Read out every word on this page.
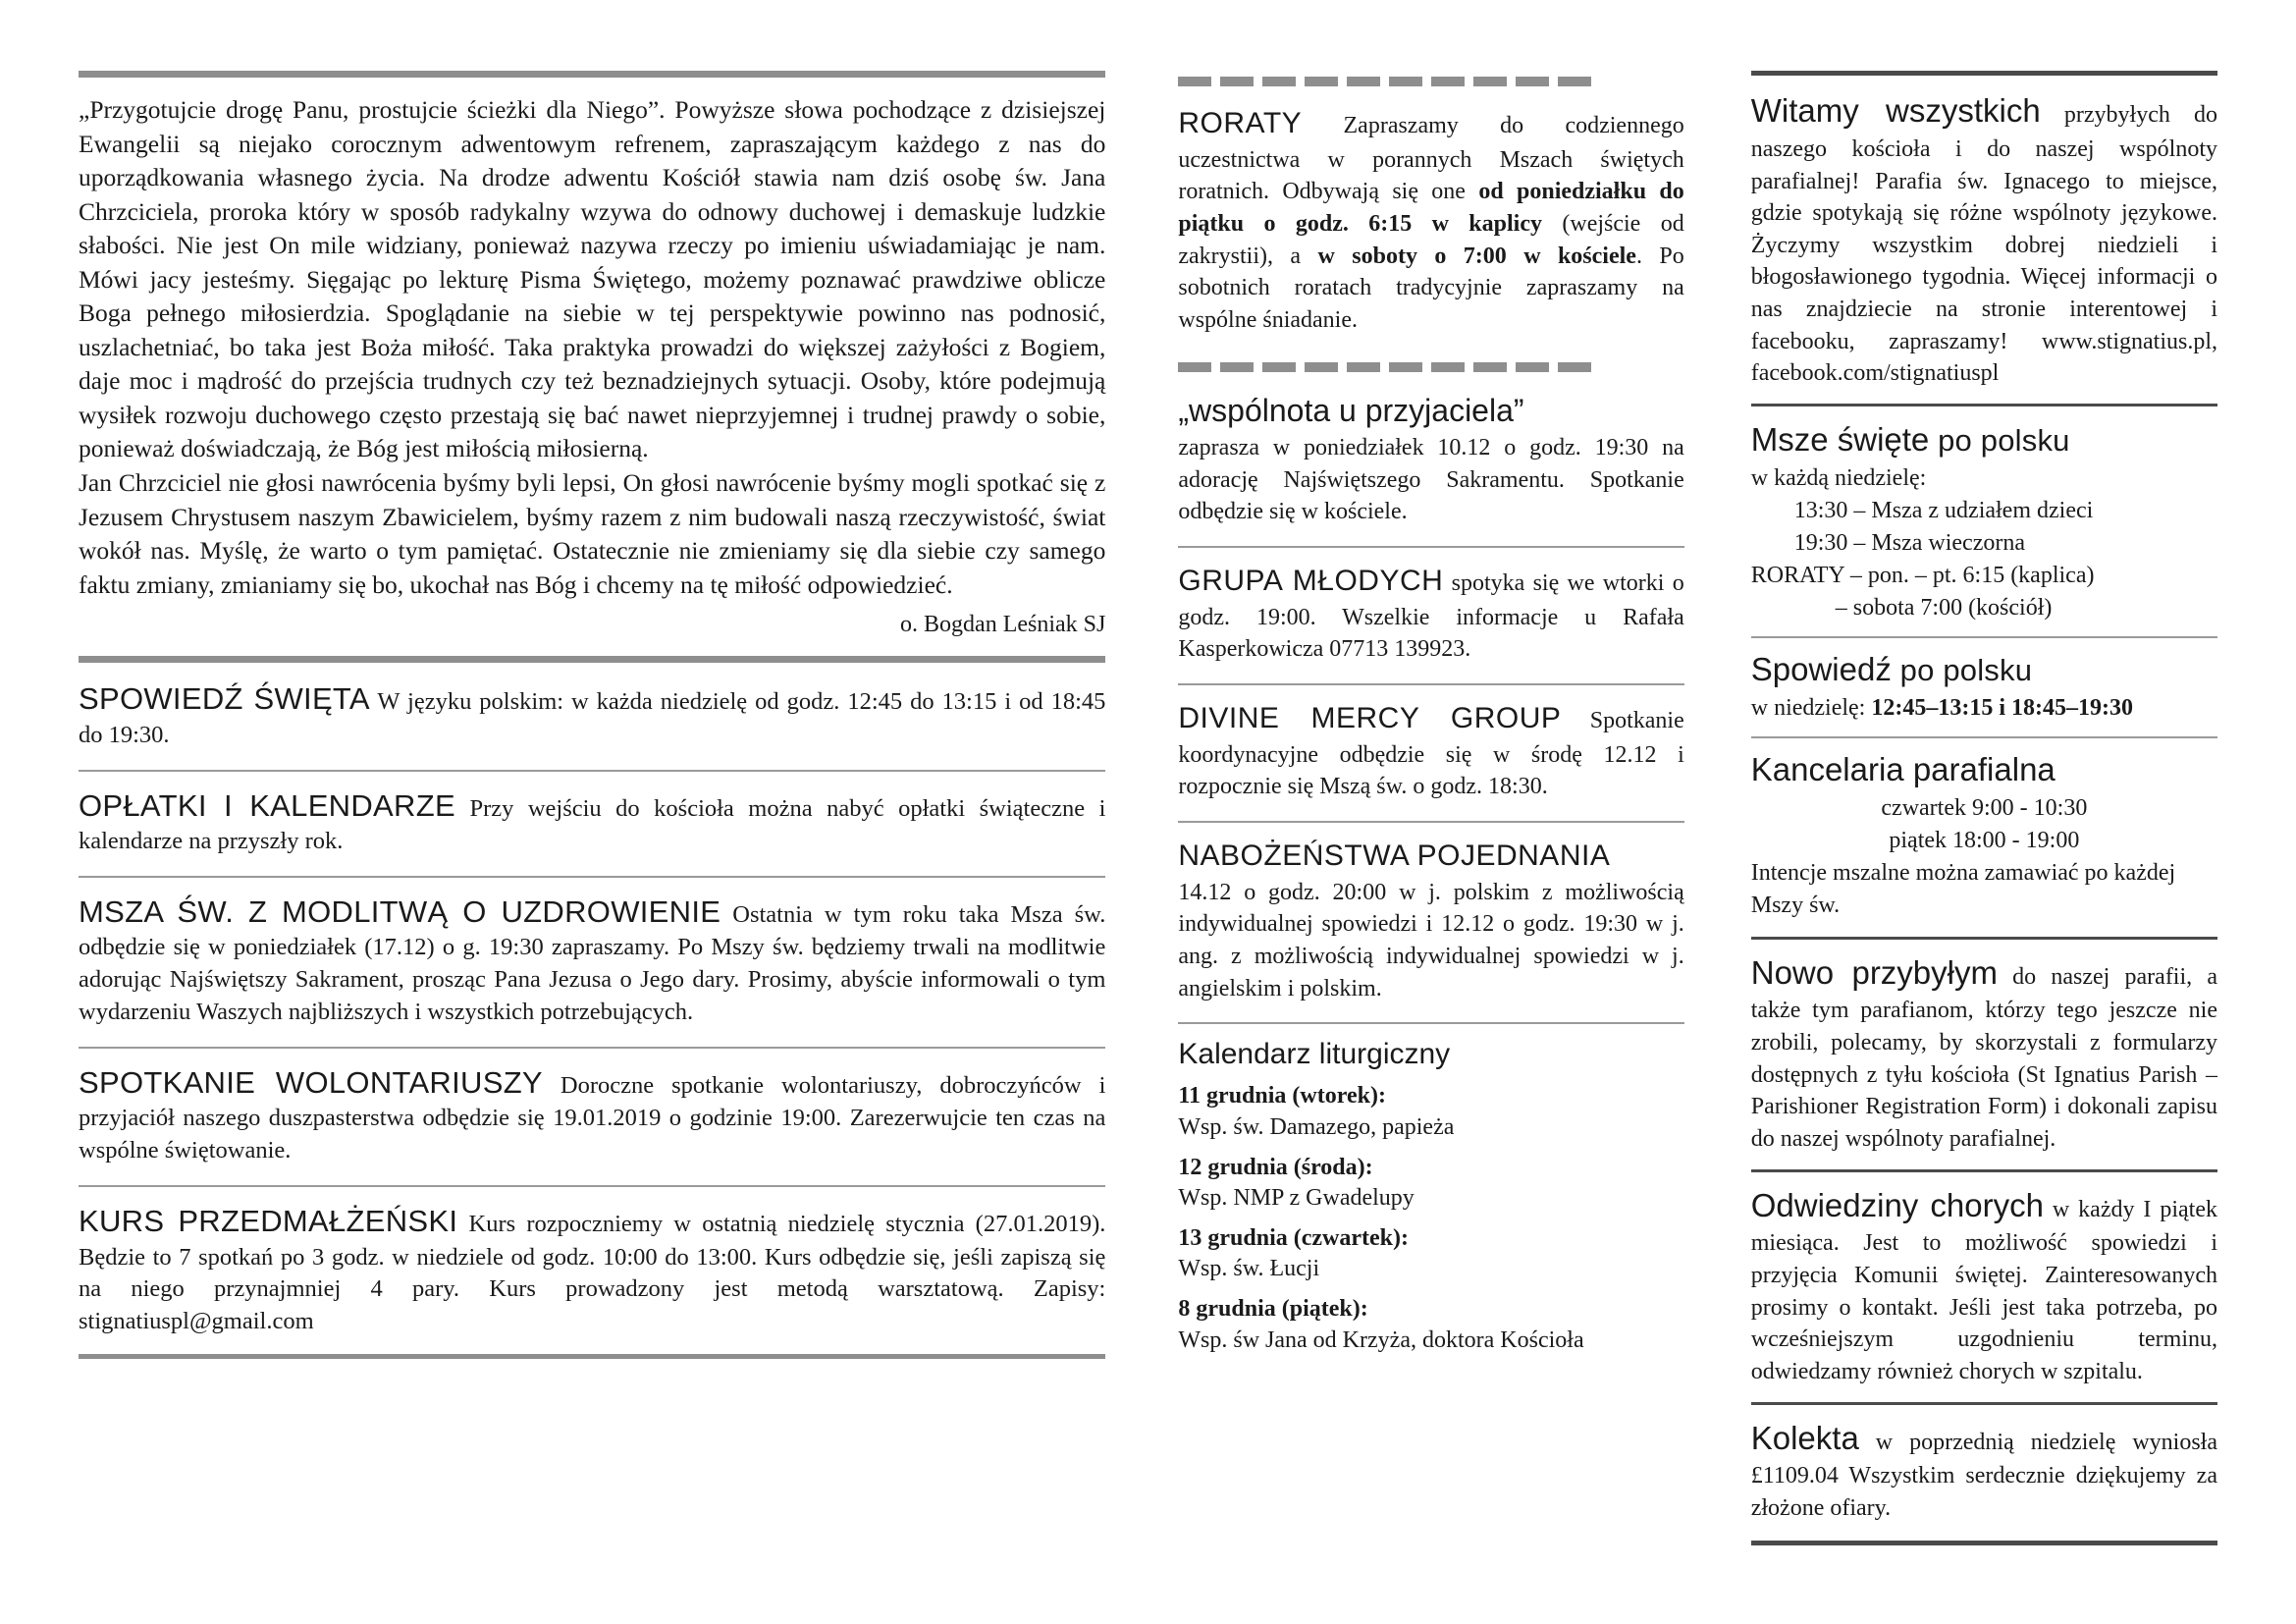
„Przygotujcie drogę Panu, prostujcie ścieżki dla Niego”. Powyższe słowa pochodzące z dzisiejszej Ewangelii są niejako corocznym adwentowym refrenem, zapraszającym każdego z nas do uporządkowania własnego życia. Na drodze adwentu Kościół stawia nam dziś osobę św. Jana Chrzciciela, proroka który w sposób radykalny wzywa do odnowy duchowej i demaskuje ludzkie słabości. Nie jest On mile widziany, ponieważ nazywa rzeczy po imieniu uświadamiając je nam. Mówi jacy jesteśmy. Sięgając po lekturę Pisma Świętego, możemy poznawać prawdziwe oblicze Boga pełnego miłosierdzia. Spoglądanie na siebie w tej perspektywie powinno nas podnosić, uszlachetniać, bo taka jest Boża miłość. Taka praktyka prowadzi do większej zażyłości z Bogiem, daje moc i mądrość do przejścia trudnych czy też beznadziejnych sytuacji. Osoby, które podejmują wysiłek rozwoju duchowego często przestają się bać nawet nieprzyjemnej i trudnej prawdy o sobie, ponieważ doświadczają, że Bóg jest miłością miłosierną.

Jan Chrzciciel nie głosi nawrócenia byśmy byli lepsi, On głosi nawrócenie byśmy mogli spotkać się z Jezusem Chrystusem naszym Zbawicielem, byśmy razem z nim budowali naszą rzeczywistość, świat wokół nas. Myślę, że warto o tym pamiętać. Ostatecznie nie zmieniamy się dla siebie czy samego faktu zmiany, zmianiamy się bo, ukochał nas Bóg i chcemy na tę miłość odpowiedzieć.

o. Bogdan Leśniak SJ

SPOWIEDŹ ŚWIĘTA W języku polskim: w każda niedzielę od godz. 12:45 do 13:15 i od 18:45 do 19:30.

OPŁATKI I KALENDARZE Przy wejściu do kościoła można nabyć opłatki świąteczne i kalendarze na przyszły rok.

MSZA ŚW. Z MODLITWĄ O UZDROWIENIE Ostatnia w tym roku taka Msza św. odbędzie się w poniedziałek (17.12) o g. 19:30 zapraszamy. Po Mszy św. będziemy trwali na modlitwie adorując Najświętszy Sakrament, prosząc Pana Jezusa o Jego dary. Prosimy, abyście informowali o tym wydarzeniu Waszych najbliższych i wszystkich potrzebujących.

SPOTKANIE WOLONTARIUSZY Doroczne spotkanie wolontariuszy, dobroczyńców i przyjaciół naszego duszpasterstwa odbędzie się 19.01.2019 o godzinie 19:00. Zarezerwujcie ten czas na wspólne świętowanie.

KURS PRZEDMAŁŻEŃSKI Kurs rozpoczniemy w ostatnią niedzielę stycznia (27.01.2019). Będzie to 7 spotkań po 3 godz. w niedziele od godz. 10:00 do 13:00. Kurs odbędzie się, jeśli zapiszą się na niego przynajmniej 4 pary. Kurs prowadzony jest metodą warsztatową. Zapisy: stignatiuspl@gmail.com

RORATY Zapraszamy do codziennego uczestnictwa w porannych Mszach świętych roratnich. Odbywają się one od poniedziałku do piątku o godz. 6:15 w kaplicy (wejście od zakrystii), a w soboty o 7:00 w kościele. Po sobotnich roratach tradycyjnie zapraszamy na wspólne śniadanie.

„wspólnota u przyjaciela”

zaprasza w poniedziałek 10.12 o godz. 19:30 na adorację Najświętszego Sakramentu. Spotkanie odbędzie się w kościele.

GRUPA MŁODYCH spotyka się we wtorki o godz. 19:00. Wszelkie informacje u Rafała Kasperkowicza 07713 139923.

DIVINE MERCY GROUP Spotkanie koordynacyjne odbędzie się w środę 12.12 i rozpocznie się Mszą św. o godz. 18:30.

NABOŻEŃSTWA POJEDNANIA

14.12 o godz. 20:00 w j. polskim z możliwością indywidualnej spowiedzi i 12.12 o godz. 19:30 w j. ang. z możliwością indywidualnej spowiedzi w j. angielskim i polskim.

Kalendarz liturgiczny
11 grudnia (wtorek):
Wsp. św. Damazego, papieża
12 grudnia (środa):
Wsp. NMP z Gwadelupy
13 grudnia (czwartek):
Wsp. św. Łucji
8 grudnia (piątek):
Wsp. św Jana od Krzyża, doktora Kościoła

Witamy wszystkich przybyłych do naszego kościoła i do naszej wspólnoty parafialnej! Parafia św. Ignacego to miejsce, gdzie spotykają się różne wspólnoty językowe. Życzymy wszystkim dobrej niedzieli i błogosławionego tygodnia. Więcej informacji o nas znajdziecie na stronie interentowej i facebooku, zapraszamy! www.stignatius.pl, facebook.com/stignatiuspl

Msze święte po polsku

w każdą niedzielę:
13:30 – Msza z udziałem dzieci
19:30 – Msza wieczorna
RORATY – pon. – pt. 6:15 (kaplica)
– sobota 7:00 (kościół)

Spowiedź po polsku

w niedzielę: 12:45–13:15 i 18:45–19:30

Kancelaria parafialna

czwartek 9:00 - 10:30
piątek 18:00 - 19:00
Intencje mszalne można zamawiać po każdej Mszy św.

Nowo przybyłym do naszej parafii, a także tym parafianom, którzy tego jeszcze nie zrobili, polecamy, by skorzystali z formularzy dostępnych z tyłu kościoła (St Ignatius Parish – Parishioner Registration Form) i dokonali zapisu do naszej wspólnoty parafialnej.

Odwiedziny chorych w każdy I piątek miesiąca. Jest to możliwość spowiedzi i przyjęcia Komunii świętej. Zainteresowanych prosimy o kontakt. Jeśli jest taka potrzeba, po wcześniejszym uzgodnieniu terminu, odwiedzamy również chorych w szpitalu.

Kolekta w poprzednią niedzielę wyniosła £1109.04 Wszystkim serdecznie dziękujemy za złożone ofiary.
